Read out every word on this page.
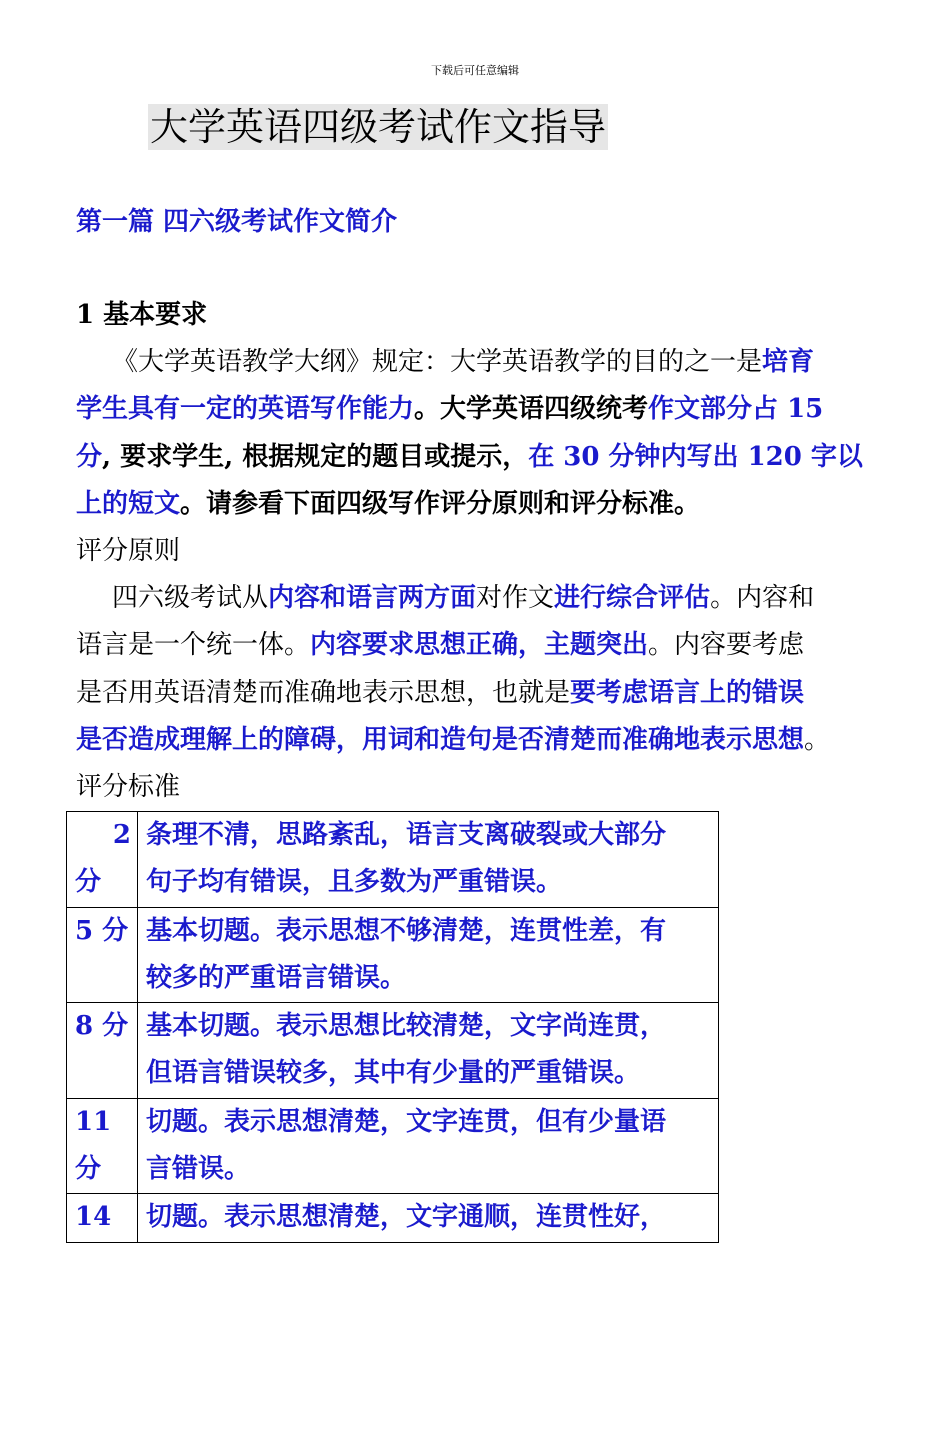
下载后可任意编辑
大学英语四级考试作文指导
第一篇 四六级考试作文简介
1 基本要求
《大学英语教学大纲》规定：大学英语教学的目的之一是培育
学生具有一定的英语写作能力。大学英语四级统考作文部分占 15
分, 要求学生, 根据规定的题目或提示，在 30 分钟内写出 120 字以
上的短文。请参看下面四级写作评分原则和评分标准。
评分原则
四六级考试从内容和语言两方面对作文进行综合评估。内容和
语言是一个统一体。内容要求思想正确，主题突出。内容要考虑
是否用英语清楚而准确地表示思想，也就是要考虑语言上的错误
是否造成理解上的障碍，用词和造句是否清楚而准确地表示思想。
评分标准
2
分	条理不清，思路紊乱，语言支离破裂或大部分
句子均有错误，且多数为严重错误。

5 分	基本切题。表示思想不够清楚，连贯性差，有
较多的严重语言错误。

8 分	基本切题。表示思想比较清楚，文字尚连贯，
但语言错误较多，其中有少量的严重错误。

11
分	切题。表示思想清楚，文字连贯，但有少量语
言错误。

14	切题。表示思想清楚，文字通顺，连贯性好，
